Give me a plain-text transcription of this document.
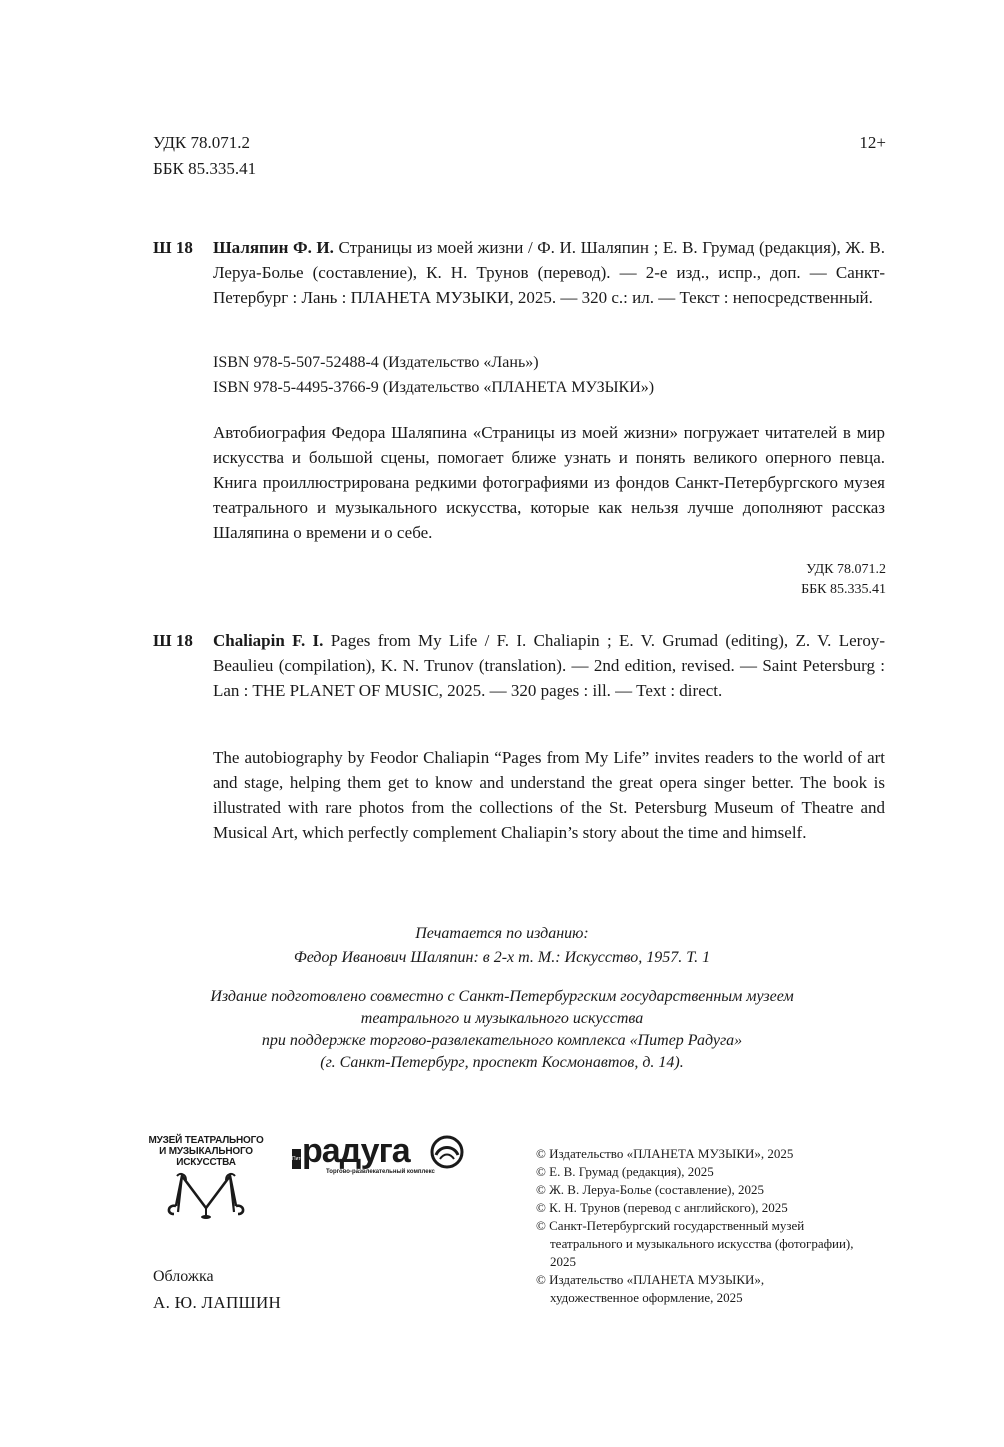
УДК 78.071.2
ББК 85.335.41
12+
Ш 18 Шаляпин Ф. И. Страницы из моей жизни / Ф. И. Шаляпин ; Е. В. Грумад (редакция), Ж. В. Леруа-Болье (составление), К. Н. Трунов (перевод). — 2-е изд., испр., доп. — Санкт-Петербург : Лань : ПЛАНЕТА МУЗЫКИ, 2025. — 320 с.: ил. — Текст : непосредственный.
ISBN 978-5-507-52488-4 (Издательство «Лань»)
ISBN 978-5-4495-3766-9 (Издательство «ПЛАНЕТА МУЗЫКИ»)
Автобиография Федора Шаляпина «Страницы из моей жизни» погружает читателей в мир искусства и большой сцены, помогает ближе узнать и понять великого оперного певца. Книга проиллюстрирована редкими фотографиями из фондов Санкт-Петербургского музея театрального и музыкального искусства, которые как нельзя лучше дополняют рассказ Шаляпина о времени и о себе.
УДК 78.071.2
ББК 85.335.41
Ш 18 Chaliapin F. I. Pages from My Life / F. I. Chaliapin ; E. V. Grumad (editing), Z. V. Leroy-Beaulieu (compilation), K. N. Trunov (translation). — 2nd edition, revised. — Saint Petersburg : Lan : THE PLANET OF MUSIC, 2025. — 320 pages : ill. — Text : direct.
The autobiography by Feodor Chaliapin “Pages from My Life” invites readers to the world of art and stage, helping them get to know and understand the great opera singer better. The book is illustrated with rare photos from the collections of the St. Petersburg Museum of Theatre and Musical Art, which perfectly complement Chaliapin’s story about the time and himself.
Печатается по изданию:
Федор Иванович Шаляпин: в 2-х т. М.: Искусство, 1957. Т. 1
Издание подготовлено совместно с Санкт-Петербургским государственным музеем
театрального и музыкального искусства
при поддержке торгово-развлекательного комплекса «Питер Радуга»
(г. Санкт-Петербург, проспект Космонавтов, д. 14).
МУЗЕЙ ТЕАТРАЛЬНОГО
И МУЗЫКАЛЬНОГО
ИСКУССТВА	Питер
радуга
Торгово-развлекательный комплекс
© Издательство «ПЛАНЕТА МУЗЫКИ», 2025
© Е. В. Грумад (редакция), 2025
© Ж. В. Леруа-Болье (составление), 2025
© К. Н. Трунов (перевод с английского), 2025
© Санкт-Петербургский государственный музей
театрального и музыкального искусства (фотографии),
2025
© Издательство «ПЛАНЕТА МУЗЫКИ»,
художественное оформление, 2025
Обложка
А. Ю. ЛАПШИН
